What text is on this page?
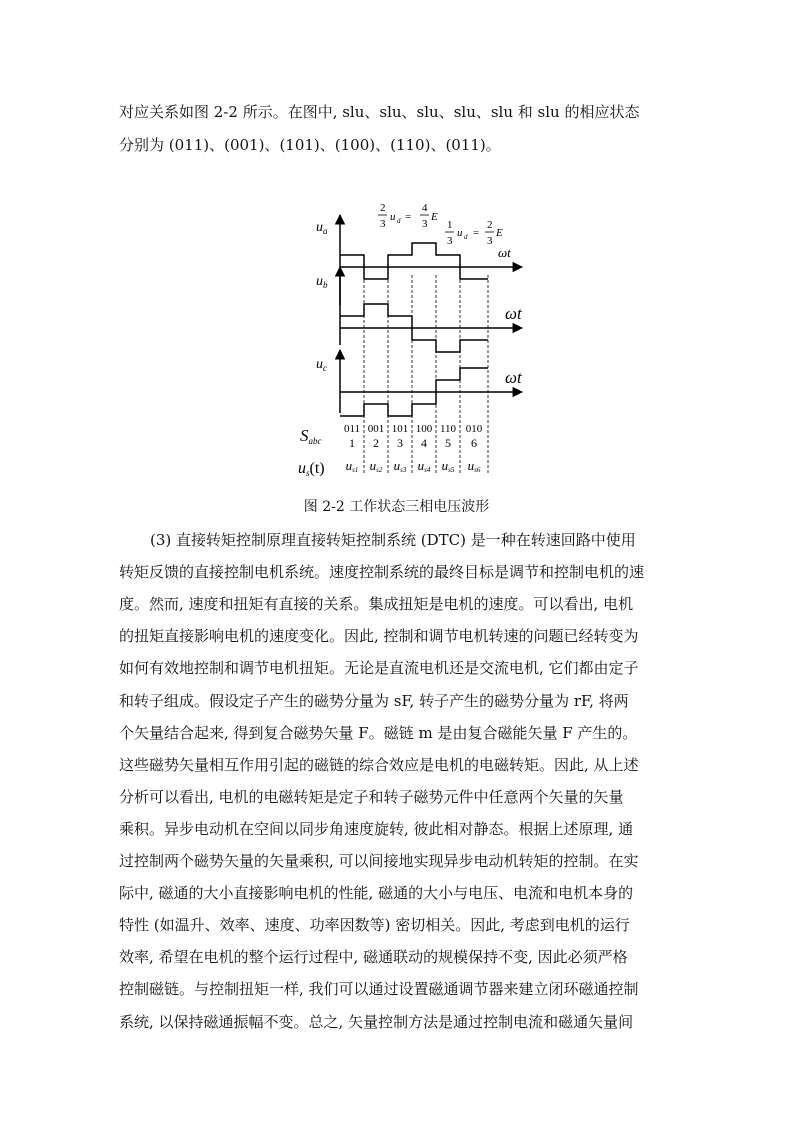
对应关系如图 2-2 所示。在图中, slu、slu、slu、slu、slu 和 slu 的相应状态
分别为 (011)、(001)、(101)、(100)、(110)、(011)。
2
3
u d =
4
3
E
1
3
u d =
2
3
E
$u_a$
$u_b$
$u_c$
ωt
ωt
ωt
Sabc
us(t)
011
1
us1
001
2
us2
101
3
us3
100
4
us4
110
5
us5
010
6
us6
图 2-2 工作状态三相电压波形
(3) 直接转矩控制原理直接转矩控制系统 (DTC) 是一种在转速回路中使用
转矩反馈的直接控制电机系统。速度控制系统的最终目标是调节和控制电机的速
度。然而, 速度和扭矩有直接的关系。集成扭矩是电机的速度。可以看出, 电机
的扭矩直接影响电机的速度变化。因此, 控制和调节电机转速的问题已经转变为
如何有效地控制和调节电机扭矩。无论是直流电机还是交流电机, 它们都由定子
和转子组成。假设定子产生的磁势分量为 sF, 转子产生的磁势分量为 rF, 将两
个矢量结合起来, 得到复合磁势矢量 F。磁链 m 是由复合磁能矢量 F 产生的。
这些磁势矢量相互作用引起的磁链的综合效应是电机的电磁转矩。因此, 从上述
分析可以看出, 电机的电磁转矩是定子和转子磁势元件中任意两个矢量的矢量
乘积。异步电动机在空间以同步角速度旋转, 彼此相对静态。根据上述原理, 通
过控制两个磁势矢量的矢量乘积, 可以间接地实现异步电动机转矩的控制。在实
际中, 磁通的大小直接影响电机的性能, 磁通的大小与电压、电流和电机本身的
特性 (如温升、效率、速度、功率因数等) 密切相关。因此, 考虑到电机的运行
效率, 希望在电机的整个运行过程中, 磁通联动的规模保持不变, 因此必须严格
控制磁链。与控制扭矩一样, 我们可以通过设置磁通调节器来建立闭环磁通控制
系统, 以保持磁通振幅不变。总之, 矢量控制方法是通过控制电流和磁通矢量间
